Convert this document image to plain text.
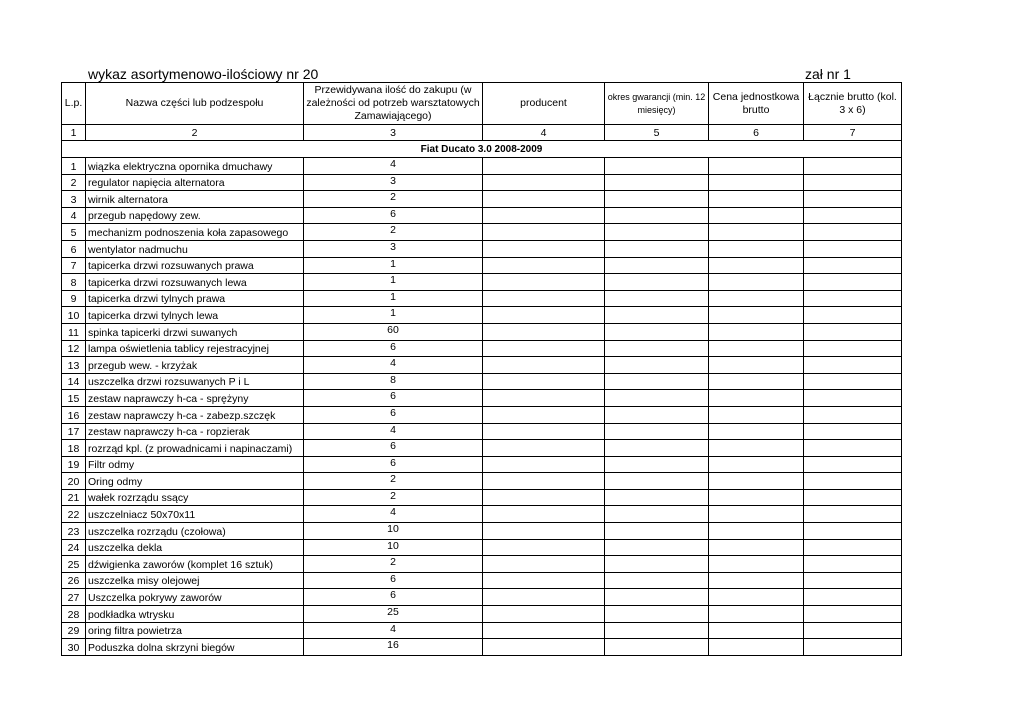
wykaz asortymenowo-ilościowy nr 20	zał nr 1
L.p.	Nazwa części lub podzespołu	Przewidywana ilość do zakupu (w zależności od potrzeb warsztatowych Zamawiającego)	producent	okres gwarancji (min. 12 miesięcy)	Cena jednostkowa brutto	Łącznie brutto (kol. 3 x 6)
1	2	3	4	5	6	7
Fiat Ducato 3.0 2008-2009						
1	wiązka elektryczna opornika dmuchawy	4				
2	regulator napięcia alternatora	3				
3	wirnik alternatora	2				
4	przegub napędowy zew.	6				
5	mechanizm podnoszenia koła zapasowego	2				
6	wentylator nadmuchu	3				
7	tapicerka drzwi rozsuwanych prawa	1				
8	tapicerka drzwi rozsuwanych lewa	1				
9	tapicerka drzwi tylnych prawa	1				
10	tapicerka drzwi tylnych lewa	1				
11	spinka tapicerki drzwi suwanych	60				
12	lampa oświetlenia tablicy rejestracyjnej	6				
13	przegub wew. - krzyżak	4				
14	uszczelka drzwi rozsuwanych P i L	8				
15	zestaw naprawczy h-ca - sprężyny	6				
16	zestaw naprawczy h-ca - zabezp.szczęk	6				
17	zestaw naprawczy h-ca - ropzierak	4				
18	rozrząd kpl. (z prowadnicami i napinaczami)	6				
19	Filtr odmy	6				
20	Oring odmy	2				
21	wałek rozrządu ssący	2				
22	uszczelniacz 50x70x11	4				
23	uszczelka rozrządu (czołowa)	10				
24	uszczelka dekla	10				
25	dźwigienka zaworów (komplet 16 sztuk)	2				
26	uszczelka misy olejowej	6				
27	Uszczelka pokrywy zaworów	6				
28	podkładka wtrysku	25				
29	oring filtra powietrza	4				
30	Poduszka dolna skrzyni biegów	16				
